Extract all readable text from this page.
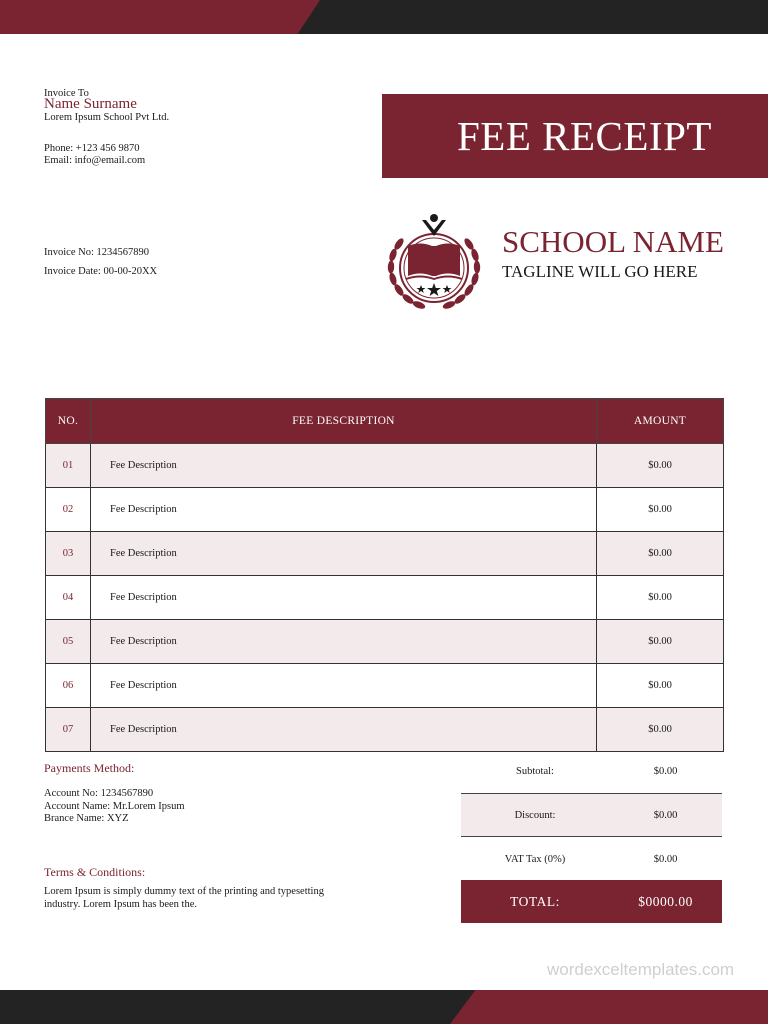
Invoice To
Name Surname
Lorem Ipsum School Pvt Ltd.
Phone: +123 456 9870
Email: info@email.com
Invoice No: 1234567890
Invoice Date: 00-00-20XX
FEE RECEIPT
SCHOOL NAME
TAGLINE WILL GO HERE
NO.	FEE DESCRIPTION	AMOUNT
01	Fee Description	$0.00
02	Fee Description	$0.00
03	Fee Description	$0.00
04	Fee Description	$0.00
05	Fee Description	$0.00
06	Fee Description	$0.00
07	Fee Description	$0.00
Payments Method:
Account No: 1234567890
Account Name: Mr.Lorem Ipsum
Brance Name: XYZ
Terms & Conditions:
Lorem Ipsum is simply dummy text of the printing and typesetting industry. Lorem Ipsum has been the.
Subtotal:	$0.00
Discount:	$0.00
VAT Tax (0%)	$0.00
TOTAL:	$0000.00
wordexceltemplates.com
